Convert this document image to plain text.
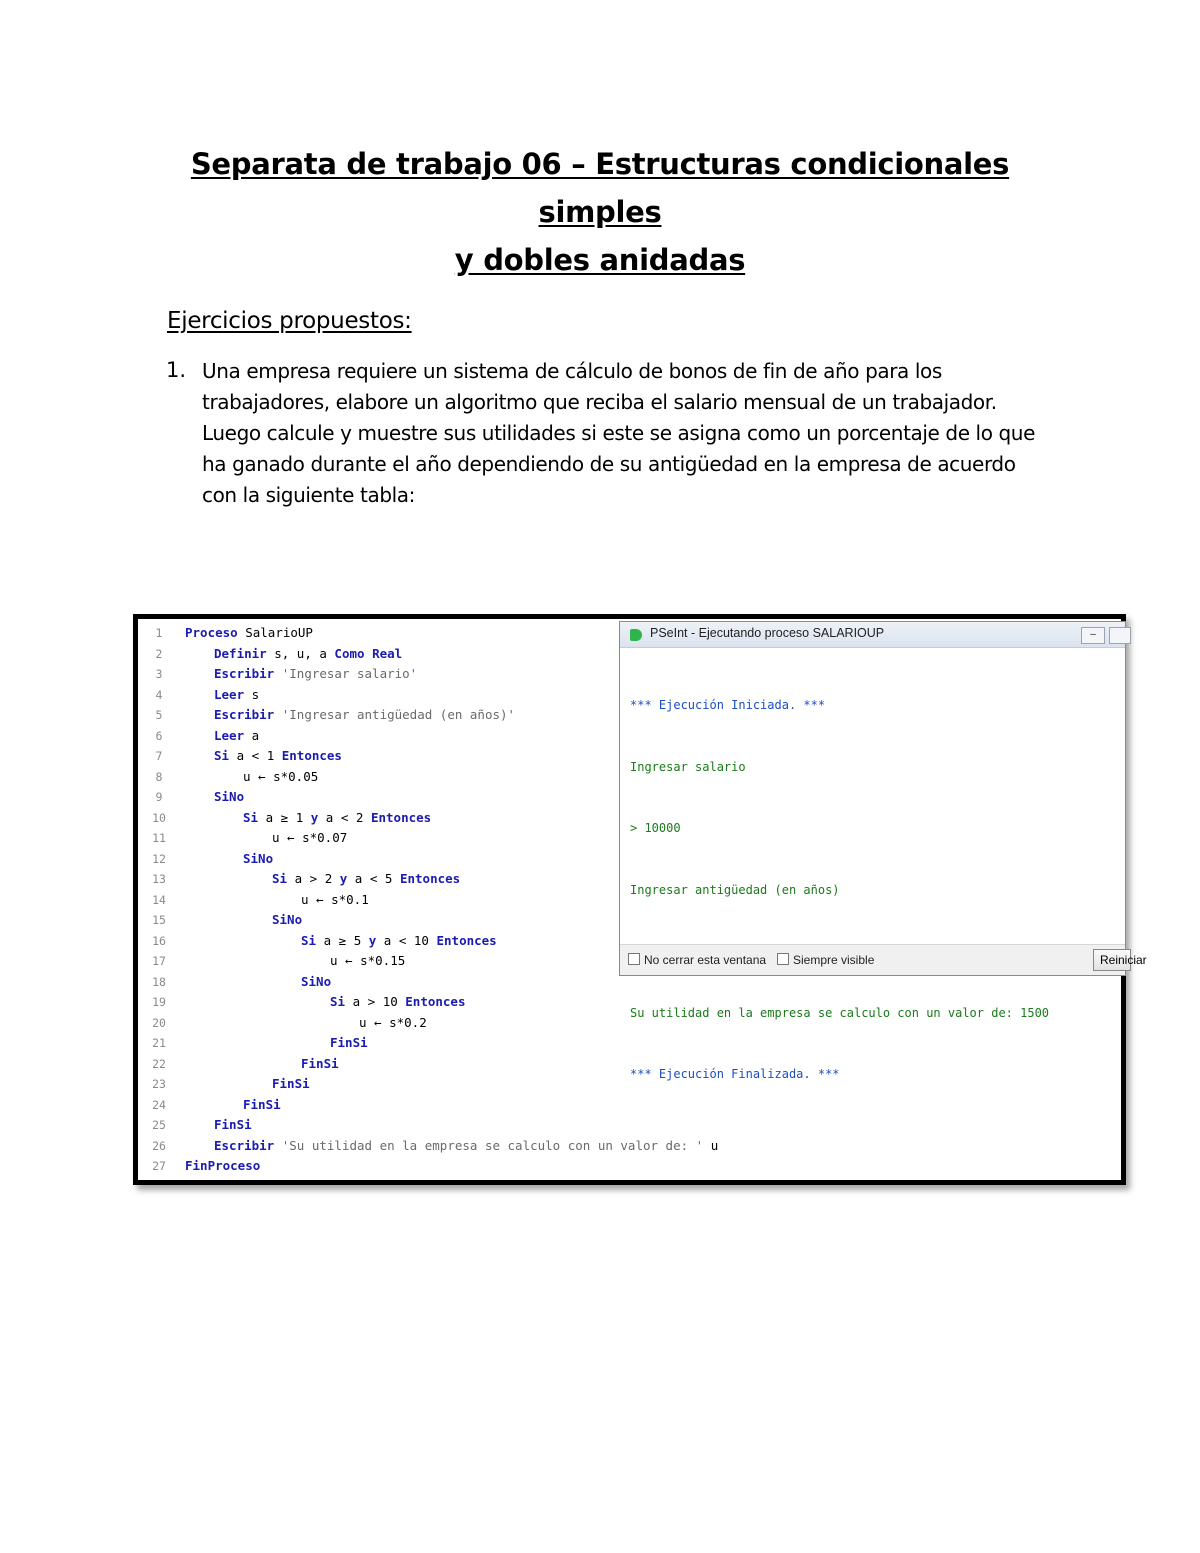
Separata de trabajo 06 – Estructuras condicionales simples
y dobles anidadas
Ejercicios propuestos:
1. Una empresa requiere un sistema de cálculo de bonos de fin de año para los
trabajadores, elabore un algoritmo que reciba el salario mensual de un trabajador.
Luego calcule y muestre sus utilidades si este se asigna como un porcentaje de lo que
ha ganado durante el año dependiendo de su antigüedad en la empresa de acuerdo
con la siguiente tabla:
1	Proceso SalarioUP
2	Definir s, u, a Como Real
3	Escribir 'Ingresar salario'
4	Leer s
5	Escribir 'Ingresar antigüedad (en años)'
6	Leer a
7	Si a < 1 Entonces
8	u ← s*0.05
9	SiNo
10	Si a ≥ 1 y a < 2 Entonces
11	u ← s*0.07
12	SiNo
13	Si a > 2 y a < 5 Entonces
14	u ← s*0.1
15	SiNo
16	Si a ≥ 5 y a < 10 Entonces
17	u ← s*0.15
18	SiNo
19	Si a > 10 Entonces
20	u ← s*0.2
21	FinSi
22	FinSi
23	FinSi
24	FinSi
25	FinSi
26	Escribir 'Su utilidad en la empresa se calculo con un valor de: ' u
27	FinProceso
PSeInt - Ejecutando proceso SALARIOUP	‒

*** Ejecución Iniciada. ***

Ingresar salario

> 10000

Ingresar antigüedad (en años)

Su utilidad en la empresa se calculo con un valor de: 1500

*** Ejecución Finalizada. ***

No cerrar esta ventana	Siempre visible	Reiniciar
